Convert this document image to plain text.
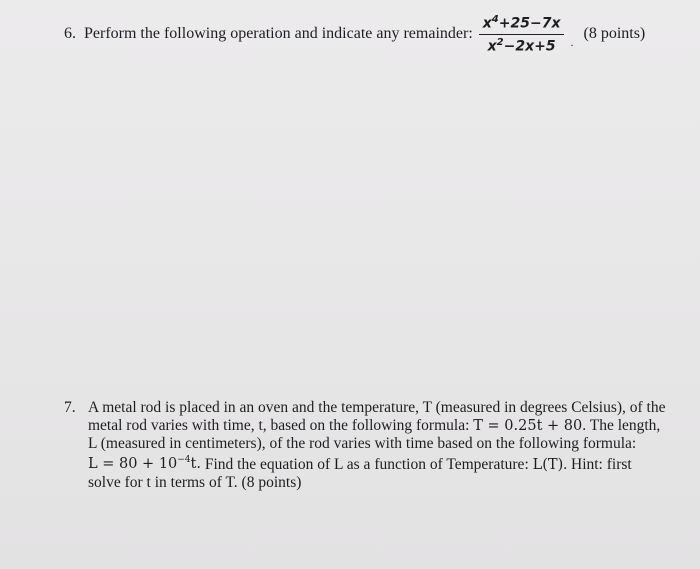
6. Perform the following operation and indicate any remainder: $\frac{x^4+25-7x}{x^2-2x+5}$ . (8 points)
7. A metal rod is placed in an oven and the temperature, T (measured in degrees Celsius), of the
metal rod varies with time, t, based on the following formula: T = 0.25t + 80. The length,
L (measured in centimeters), of the rod varies with time based on the following formula:
$L = 80 + 10^{-4}t$. Find the equation of L as a function of Temperature: L(T). Hint: first
solve for t in terms of T. (8 points)
